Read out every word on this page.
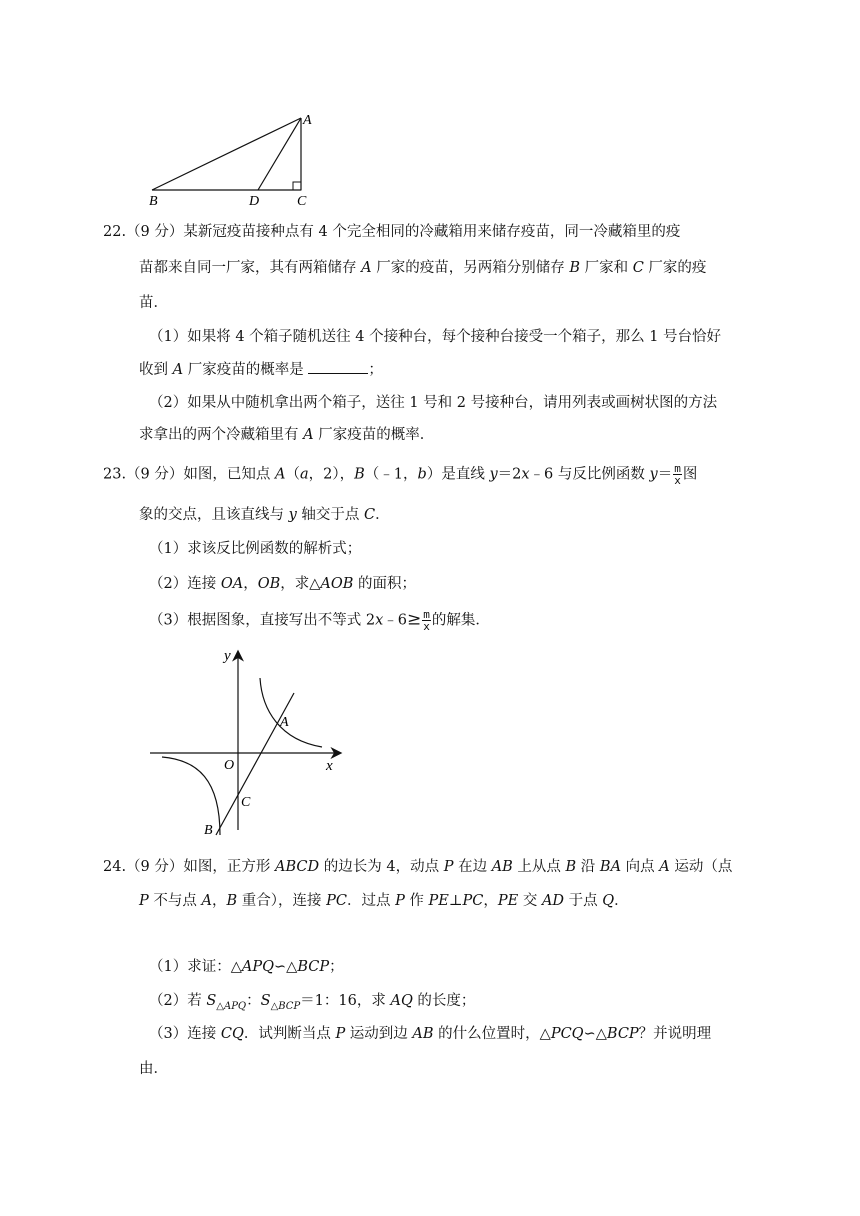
A
B	D	C
22.（9 分）某新冠疫苗接种点有 4 个完全相同的冷藏箱用来储存疫苗，同一冷藏箱里的疫
苗都来自同一厂家，其有两箱储存 A 厂家的疫苗，另两箱分别储存 B 厂家和 C 厂家的疫
苗．
（1）如果将 4 个箱子随机送往 4 个接种台，每个接种台接受一个箱子，那么 1 号台恰好
收到 A 厂家疫苗的概率是	；
（2）如果从中随机拿出两个箱子，送往 1 号和 2 号接种台，请用列表或画树状图的方法
求拿出的两个冷藏箱里有 A 厂家疫苗的概率．
23.（9 分）如图，已知点 A（a，2），B（﹣1，b）是直线 y＝2x﹣6 与反比例函数 $y= \frac{m}{x}$ 图
象的交点，且该直线与 y 轴交于点 C．
（1）求该反比例函数的解析式；
（2）连接 OA，OB，求△AOB 的面积；
（3）根据图象，直接写出不等式 2x﹣6≥ $\frac{m}{x}$ 的解集．
y
x
O
A
C
B
24.（9 分）如图，正方形 ABCD 的边长为 4，动点 P 在边 AB 上从点 B 沿 BA 向点 A 运动（点
P 不与点 A，B 重合），连接 PC．过点 P 作 PE⊥PC，PE 交 AD 于点 Q．
（1）求证：△APQ∽△BCP；
（2）若 $S_{\triangle APQ}$：$S_{\triangle BCP}=1$：16，求 AQ 的长度；
（3）连接 CQ．试判断当点 P 运动到边 AB 的什么位置时，△PCQ∽△BCP？并说明理
由．
